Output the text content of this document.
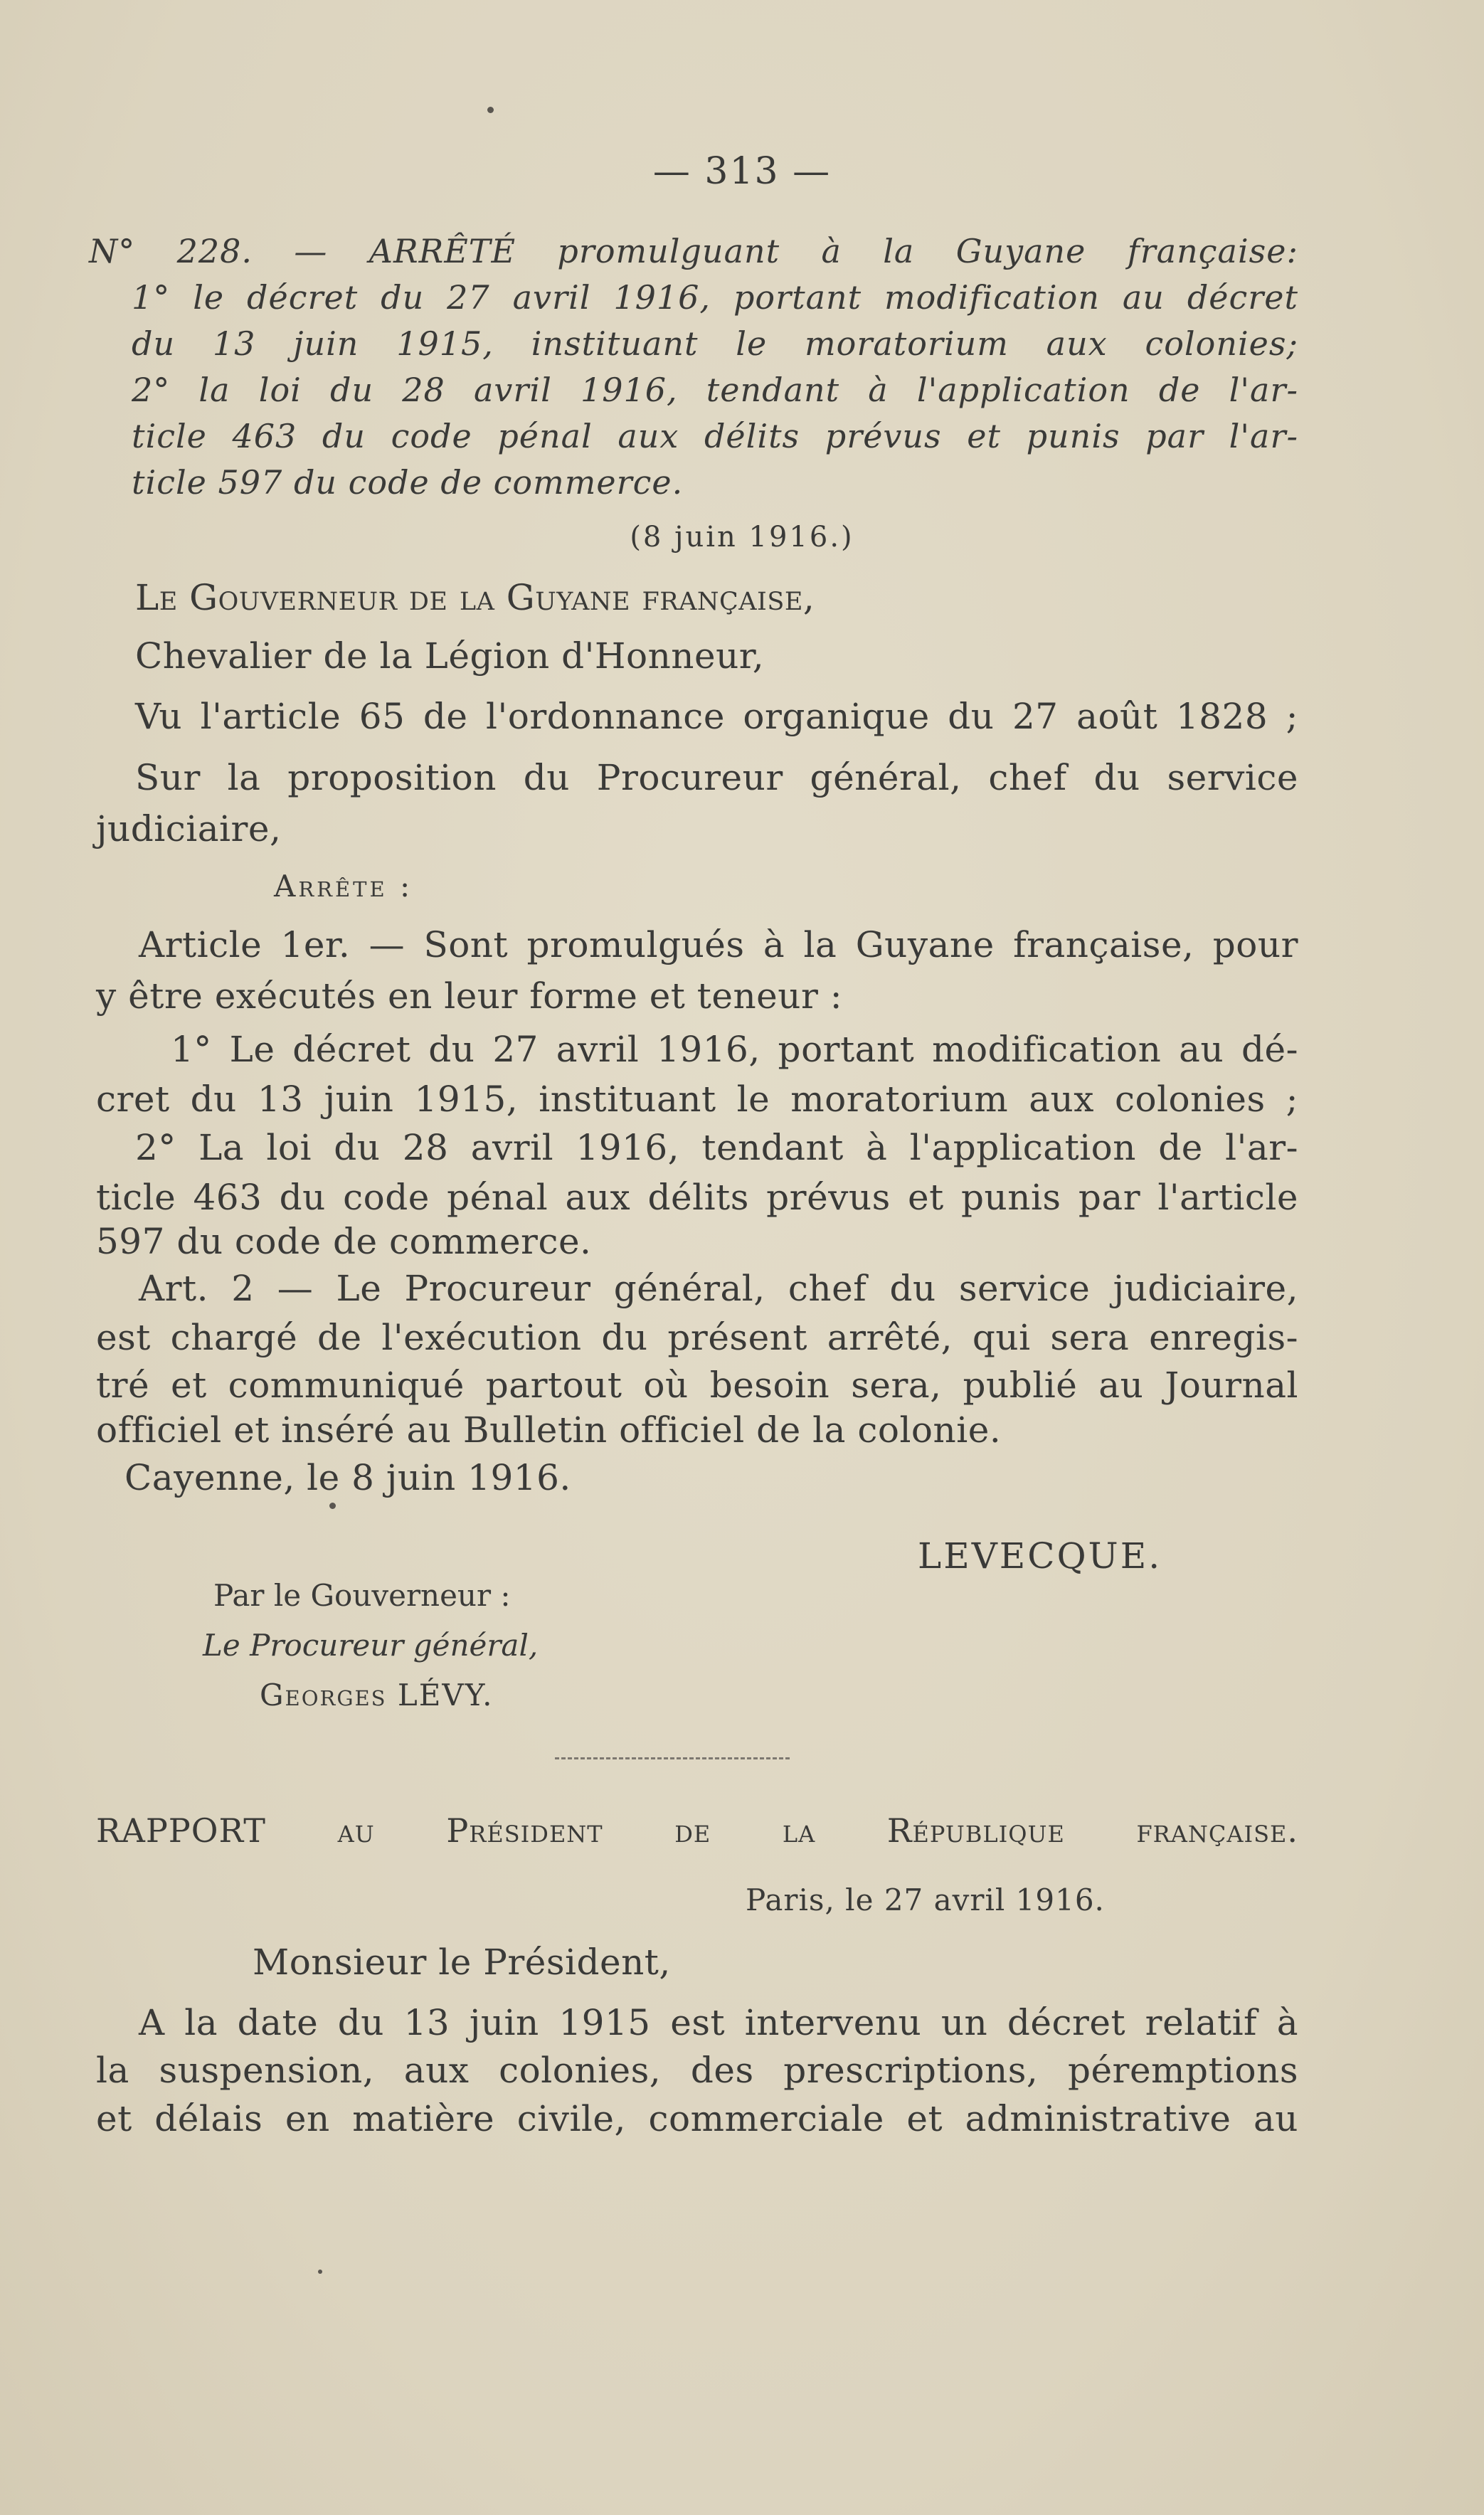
— 313 —
N° 228. — ARRÊTÉ promulguant à la Guyane française:
1° le décret du 27 avril 1916, portant modification au décret
du 13 juin 1915, instituant le moratorium aux colonies;
2° la loi du 28 avril 1916, tendant à l'application de l'ar-
ticle 463 du code pénal aux délits prévus et punis par l'ar-
ticle 597 du code de commerce.
(8 juin 1916.)
Le Gouverneur de la Guyane française,
Chevalier de la Légion d'Honneur,
Vu l'article 65 de l'ordonnance organique du 27 août 1828 ;
Sur la proposition du Procureur général, chef du service
judiciaire,
Arrête :
Article 1er. — Sont promulgués à la Guyane française, pour
y être exécutés en leur forme et teneur :
1° Le décret du 27 avril 1916, portant modification au dé-
cret du 13 juin 1915, instituant le moratorium aux colonies ;
2° La loi du 28 avril 1916, tendant à l'application de l'ar-
ticle 463 du code pénal aux délits prévus et punis par l'article
597 du code de commerce.
Art. 2 — Le Procureur général, chef du service judiciaire,
est chargé de l'exécution du présent arrêté, qui sera enregis-
tré et communiqué partout où besoin sera, publié au Journal
officiel et inséré au Bulletin officiel de la colonie.
Cayenne, le 8 juin 1916.
LEVECQUE.
Par le Gouverneur :
Le Procureur général,
Georges LÉVY.
RAPPORT au Président de la République française.
Paris, le 27 avril 1916.
Monsieur le Président,
A la date du 13 juin 1915 est intervenu un décret relatif à
la suspension, aux colonies, des prescriptions, péremptions
et délais en matière civile, commerciale et administrative au
